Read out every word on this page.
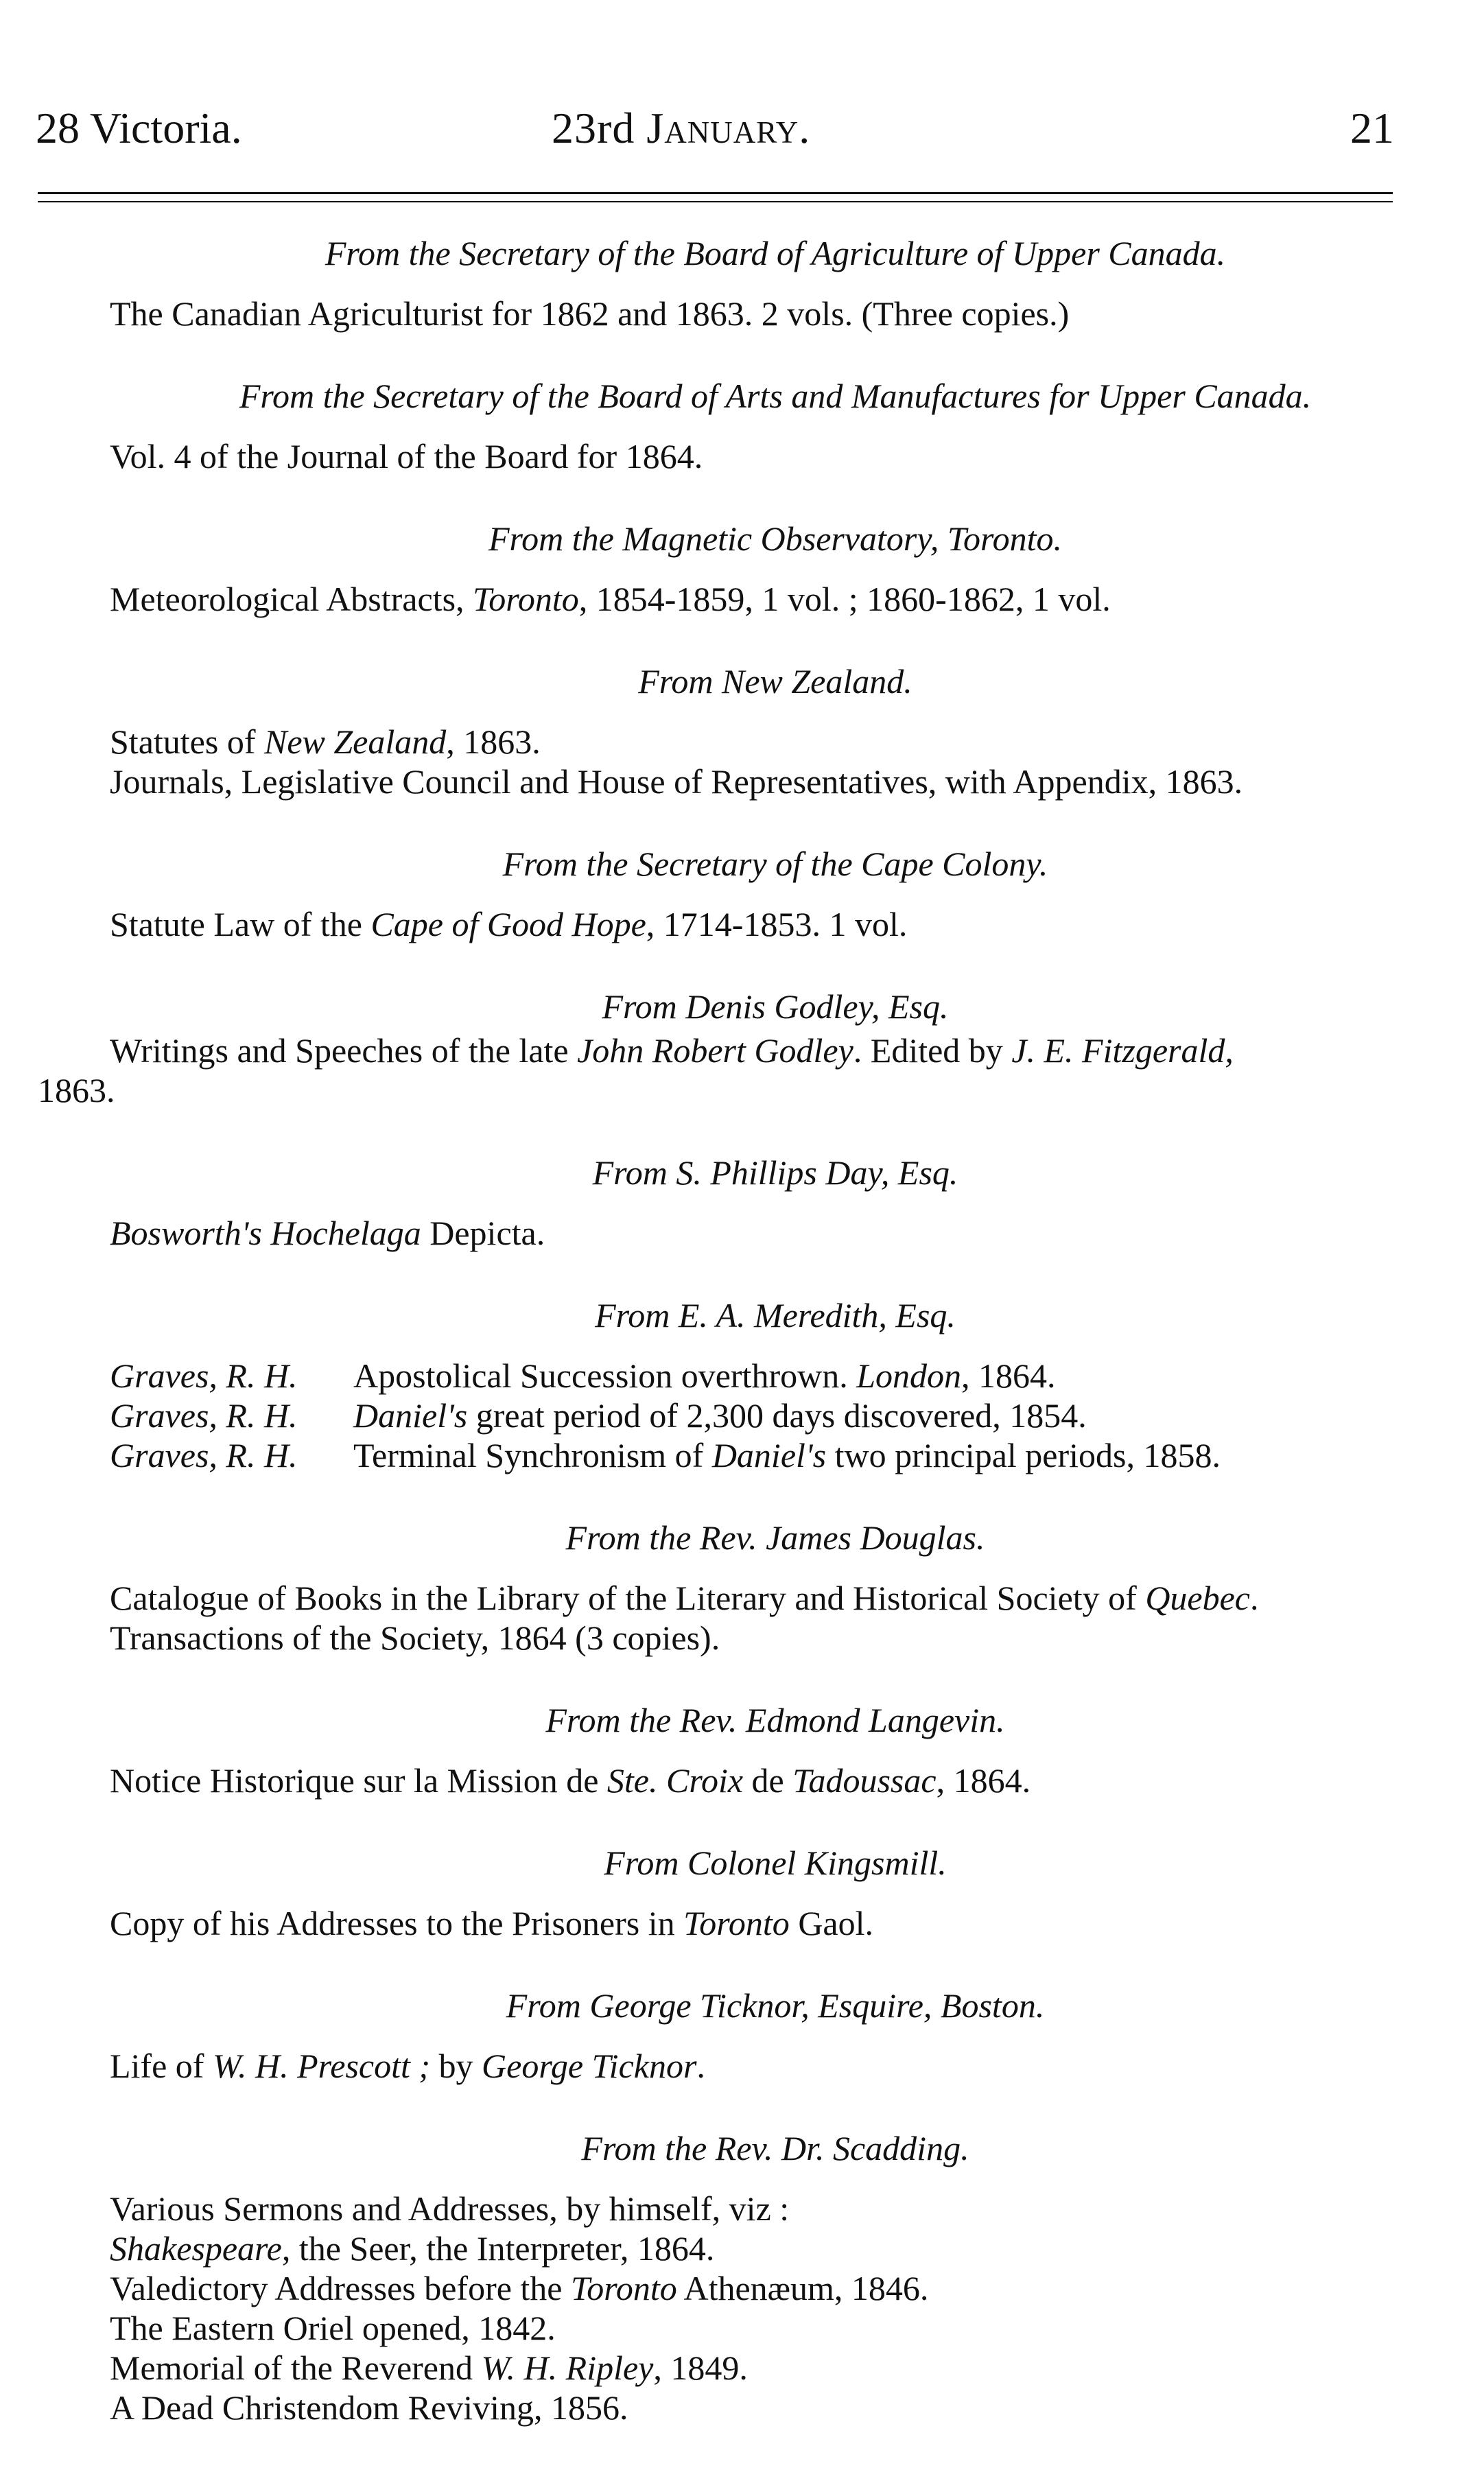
28 Victoria.	23rd January.	21

From the Secretary of the Board of Agriculture of Upper Canada.

The Canadian Agriculturist for 1862 and 1863. 2 vols. (Three copies.)

From the Secretary of the Board of Arts and Manufactures for Upper Canada.

Vol. 4 of the Journal of the Board for 1864.

From the Magnetic Observatory, Toronto.

Meteorological Abstracts, Toronto, 1854-1859, 1 vol. ; 1860-1862, 1 vol.

From New Zealand.

Statutes of New Zealand, 1863.

Journals, Legislative Council and House of Representatives, with Appendix, 1863.

From the Secretary of the Cape Colony.

Statute Law of the Cape of Good Hope, 1714-1853. 1 vol.

From Denis Godley, Esq.

Writings and Speeches of the late John Robert Godley. Edited by J. E. Fitzgerald,
1863.

From S. Phillips Day, Esq.

Bosworth's Hochelaga Depicta.

From E. A. Meredith, Esq.

Graves, R. H.	Apostolical Succession overthrown. London, 1864.
Graves, R. H.	Daniel's great period of 2,300 days discovered, 1854.
Graves, R. H.	Terminal Synchronism of Daniel's two principal periods, 1858.

From the Rev. James Douglas.

Catalogue of Books in the Library of the Literary and Historical Society of Quebec.

Transactions of the Society, 1864 (3 copies).

From the Rev. Edmond Langevin.

Notice Historique sur la Mission de Ste. Croix de Tadoussac, 1864.

From Colonel Kingsmill.

Copy of his Addresses to the Prisoners in Toronto Gaol.

From George Ticknor, Esquire, Boston.

Life of W. H. Prescott ; by George Ticknor.

From the Rev. Dr. Scadding.

Various Sermons and Addresses, by himself, viz :

Shakespeare, the Seer, the Interpreter, 1864.

Valedictory Addresses before the Toronto Athenæum, 1846.

The Eastern Oriel opened, 1842.

Memorial of the Reverend W. H. Ripley, 1849.

A Dead Christendom Reviving, 1856.
